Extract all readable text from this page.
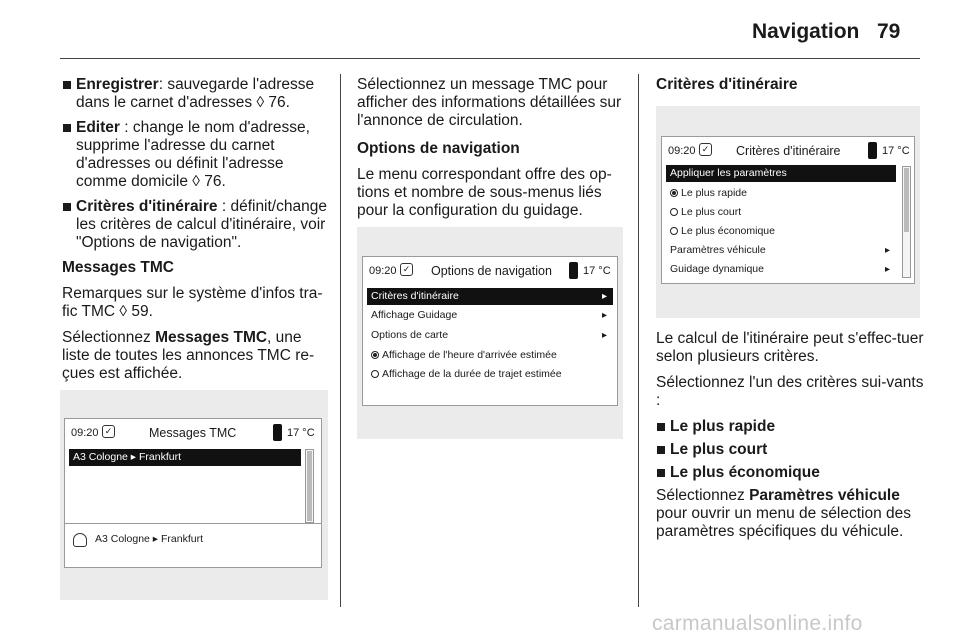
Navigation 79
Enregistrer: sauvegarde l'adresse dans le carnet d'adresses ◊ 76.
Editer : change le nom d'adresse, supprime l'adresse du carnet d'adresses ou définit l'adresse comme domicile ◊ 76.
Critères d'itinéraire : définit/change les critères de calcul d'itinéraire, voir "Options de navigation".

Messages TMC

Remarques sur le système d'infos tra-fic TMC ◊ 59.

Sélectionnez Messages TMC, une liste de toutes les annonces TMC re-çues est affichée.

09:20 ✓	Messages TMC	17 °C
A3 Cologne ▸ Frankfurt
A3 Cologne ▸ Frankfurt

Sélectionnez un message TMC pour afficher des informations détaillées sur l'annonce de circulation.

Options de navigation

Le menu correspondant offre des op-tions et nombre de sous-menus liés pour la configuration du guidage.

09:20 ✓ Options de navigation	17 °C
Critères d'itinéraire	▸
Affichage Guidage	▸
Options de carte	▸
Affichage de l'heure d'arrivée estimée
Affichage de la durée de trajet estimée

Critères d'itinéraire

09:20 ✓ Critères d'itinéraire	17 °C
Appliquer les paramètres
Le plus rapide
Le plus court
Le plus économique
Paramètres véhicule	▸
Guidage dynamique	▸

Le calcul de l'itinéraire peut s'effec-tuer selon plusieurs critères.

Sélectionnez l'un des critères sui-vants :

Le plus rapide
Le plus court
Le plus économique

Sélectionnez Paramètres véhicule pour ouvrir un menu de sélection des paramètres spécifiques du véhicule.

carmanualsonline.info
